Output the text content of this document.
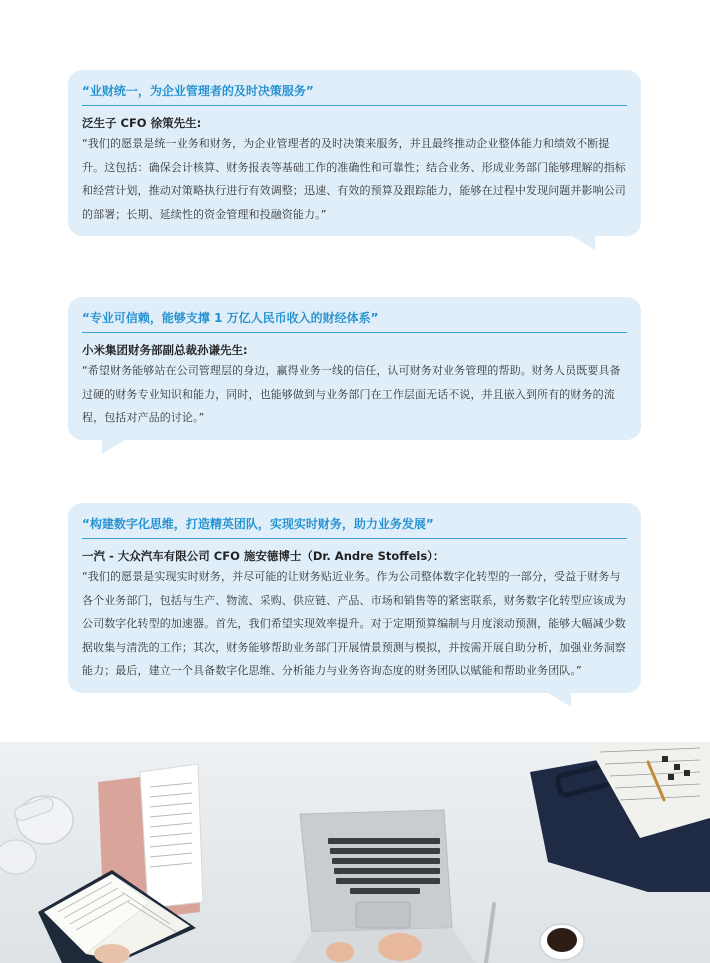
“业财统一，为企业管理者的及时决策服务”
泛生子 CFO 徐策先生:
“我们的愿景是统一业务和财务，为企业管理者的及时决策来服务，并且最终推动企业整体能力和绩效不断提升。这包括：确保会计核算、财务报表等基础工作的准确性和可靠性；结合业务、形成业务部门能够理解的指标和经营计划，推动对策略执行进行有效调整；迅速、有效的预算及跟踪能力，能够在过程中发现问题并影响公司的部署；长期、延续性的资金管理和投融资能力。”
“专业可信赖，能够支撑 1 万亿人民币收入的财经体系”
小米集团财务部副总裁孙谦先生:
“希望财务能够站在公司管理层的身边，赢得业务一线的信任，认可财务对业务管理的帮助。财务人员既要具备过硬的财务专业知识和能力，同时，也能够做到与业务部门在工作层面无话不说，并且嵌入到所有的财务的流程，包括对产品的讨论。”
“构建数字化思维，打造精英团队，实现实时财务，助力业务发展”
一汽 - 大众汽车有限公司 CFO 施安德博士（Dr. Andre Stoffels）：
“我们的愿景是实现实时财务，并尽可能的让财务贴近业务。作为公司整体数字化转型的一部分，受益于财务与各个业务部门，包括与生产、物流、采购、供应链、产品、市场和销售等的紧密联系，财务数字化转型应该成为公司数字化转型的加速器。首先，我们希望实现效率提升。对于定期预算编制与月度滚动预测，能够大幅减少数据收集与清洗的工作；其次，财务能够帮助业务部门开展情景预测与模拟，并按需开展自助分析，加强业务洞察能力；最后，建立一个具备数字化思维、分析能力与业务咨询态度的财务团队以赋能和帮助业务团队。”
